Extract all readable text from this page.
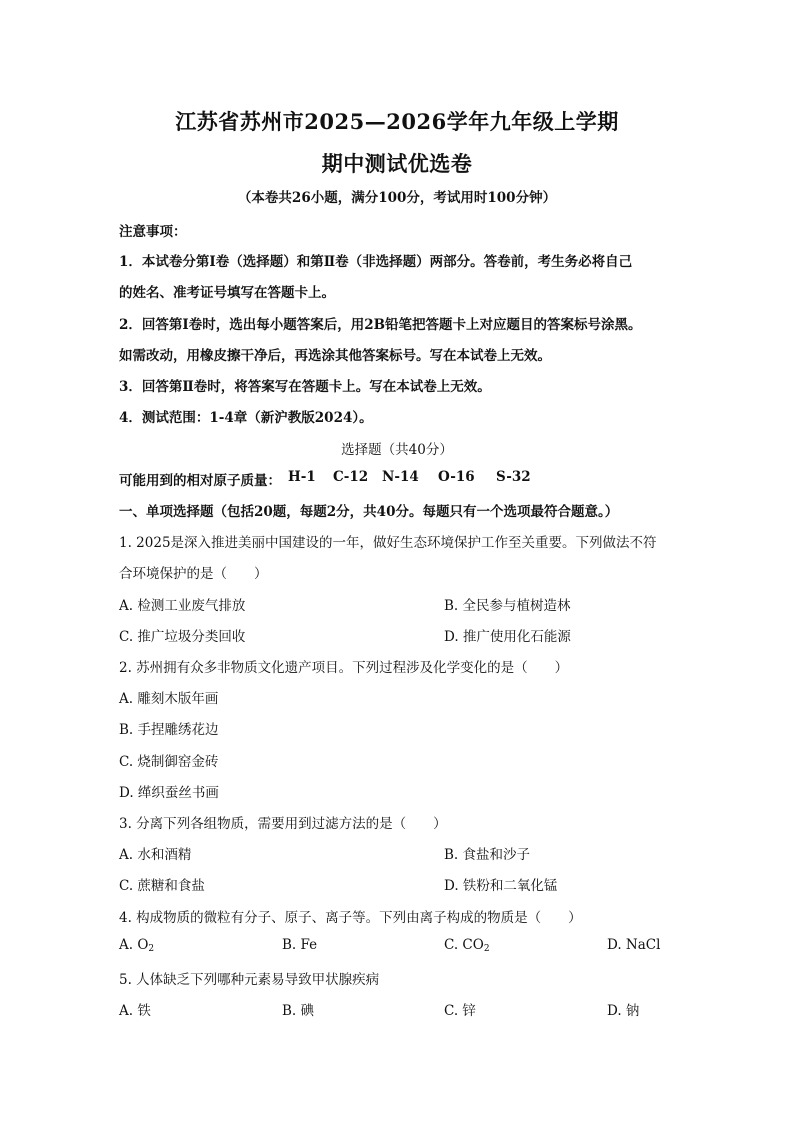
江苏省苏州市2025—2026学年九年级上学期
期中测试优选卷
（本卷共26小题，满分100分，考试用时100分钟）
注意事项：
1．本试卷分第Ⅰ卷（选择题）和第Ⅱ卷（非选择题）两部分。答卷前，考生务必将自己
的姓名、准考证号填写在答题卡上。
2．回答第Ⅰ卷时，选出每小题答案后，用2B铅笔把答题卡上对应题目的答案标号涂黑。
如需改动，用橡皮擦干净后，再选涂其他答案标号。写在本试卷上无效。
3．回答第Ⅱ卷时，将答案写在答题卡上。写在本试卷上无效。
4．测试范围：1-4章（新沪教版2024）。
选择题（共40分）
可能用到的相对原子质量： H-1 C-12 N-14 O-16 S-32
一、单项选择题（包括20题，每题2分，共40分。每题只有一个选项最符合题意。）
1. 2025是深入推进美丽中国建设的一年，做好生态环境保护工作至关重要。下列做法不符
合环境保护的是（　　）
A. 检测工业废气排放	B. 全民参与植树造林
C. 推广垃圾分类回收	D. 推广使用化石能源
2. 苏州拥有众多非物质文化遗产项目。下列过程涉及化学变化的是（　　）
A. 雕刻木版年画
B. 手捏雕绣花边
C. 烧制御窑金砖
D. 缂织蚕丝书画
3. 分离下列各组物质，需要用到过滤方法的是（　　）
A. 水和酒精	B. 食盐和沙子
C. 蔗糖和食盐	D. 铁粉和二氧化锰
4. 构成物质的微粒有分子、原子、离子等。下列由离子构成的物质是（　　）
A. $O_2$	B. Fe	C. $CO_2$	D. NaCl
5. 人体缺乏下列哪种元素易导致甲状腺疾病
A. 铁	B. 碘	C. 锌	D. 钠
